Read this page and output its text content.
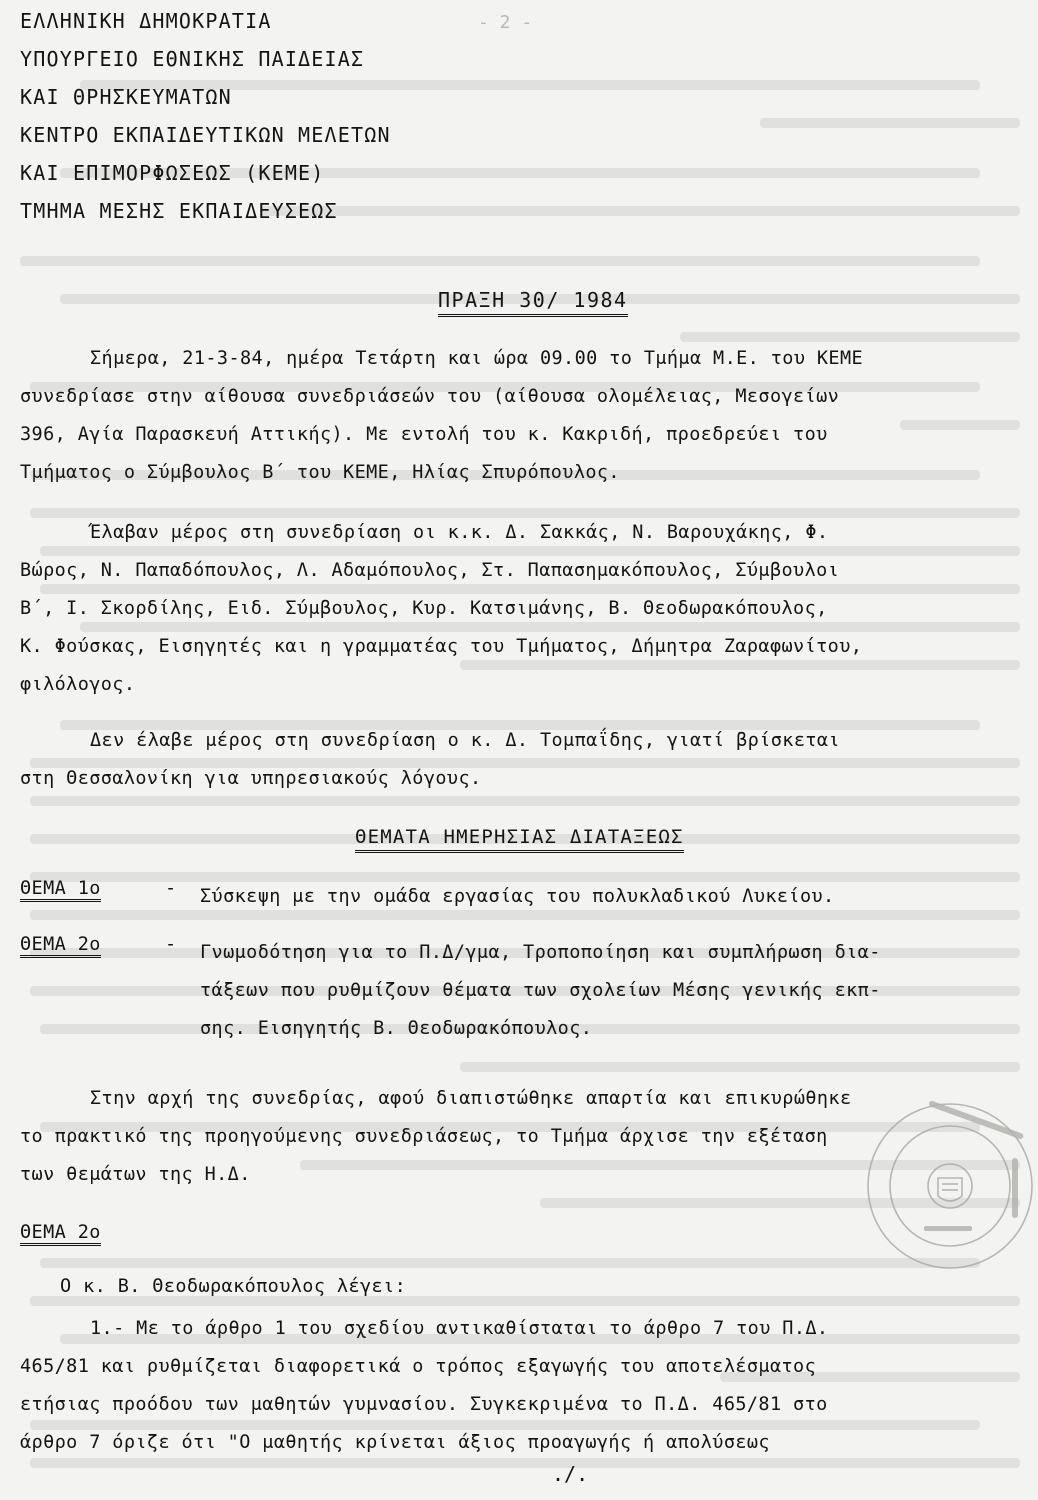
- 2 -
ΕΛΛΗΝΙΚΗ ΔΗΜΟΚΡΑΤΙΑ
ΥΠΟΥΡΓΕΙΟ ΕΘΝΙΚΗΣ ΠΑΙΔΕΙΑΣ
ΚΑΙ ΘΡΗΣΚΕΥΜΑΤΩΝ
ΚΕΝΤΡΟ ΕΚΠΑΙΔΕΥΤΙΚΩΝ ΜΕΛΕΤΩΝ
ΚΑΙ ΕΠΙΜΟΡΦΩΣΕΩΣ (ΚΕΜΕ)
ΤΜΗΜΑ ΜΕΣΗΣ ΕΚΠΑΙΔΕΥΣΕΩΣ
ΠΡΑΞΗ 30/ 1984
Σήμερα, 21-3-84, ημέρα Τετάρτη και ώρα 09.00 το Τμήμα Μ.Ε. του ΚΕΜΕ
συνεδρίασε στην αίθουσα συνεδριάσεών του (αίθουσα ολομέλειας, Μεσογείων
396, Αγία Παρασκευή Αττικής). Με εντολή του κ. Κακριδή, προεδρεύει του
Τμήματος ο Σύμβουλος Β΄ του ΚΕΜΕ, Ηλίας Σπυρόπουλος.
Έλαβαν μέρος στη συνεδρίαση οι κ.κ. Δ. Σακκάς, Ν. Βαρουχάκης, Φ.
Βώρος, Ν. Παπαδόπουλος, Λ. Αδαμόπουλος, Στ. Παπασημακόπουλος, Σύμβουλοι
Β΄, Ι. Σκορδίλης, Ειδ. Σύμβουλος, Κυρ. Κατσιμάνης, Β. Θεοδωρακόπουλος,
Κ. Φούσκας, Εισηγητές και η γραμματέας του Τμήματος, Δήμητρα Ζαραφωνίτου,
φιλόλογος.
Δεν έλαβε μέρος στη συνεδρίαση ο κ. Δ. Τομπαΐδης, γιατί βρίσκεται
στη Θεσσαλονίκη για υπηρεσιακούς λόγους.
ΘΕΜΑΤΑ ΗΜΕΡΗΣΙΑΣ ΔΙΑΤΑΞΕΩΣ
ΘΕΜΑ 1ο	- Σύσκεψη με την ομάδα εργασίας του πολυκλαδικού Λυκείου.
ΘΕΜΑ 2ο	- Γνωμοδότηση για το Π.Δ/γμα, Τροποποίηση και συμπλήρωση δια-
τάξεων που ρυθμίζουν θέματα των σχολείων Μέσης γενικής εκπ-
σης. Εισηγητής Β. Θεοδωρακόπουλος.
Στην αρχή της συνεδρίας, αφού διαπιστώθηκε απαρτία και επικυρώθηκε
το πρακτικό της προηγούμενης συνεδριάσεως, το Τμήμα άρχισε την εξέταση
των θεμάτων της Η.Δ.
ΘΕΜΑ 2ο
Ο κ. Β. Θεοδωρακόπουλος λέγει:
1.- Με το άρθρο 1 του σχεδίου αντικαθίσταται το άρθρο 7 του Π.Δ.
465/81 και ρυθμίζεται διαφορετικά ο τρόπος εξαγωγής του αποτελέσματος
ετήσιας προόδου των μαθητών γυμνασίου. Συγκεκριμένα το Π.Δ. 465/81 στο
άρθρο 7 όριζε ότι "Ο μαθητής κρίνεται άξιος προαγωγής ή απολύσεως
./.
